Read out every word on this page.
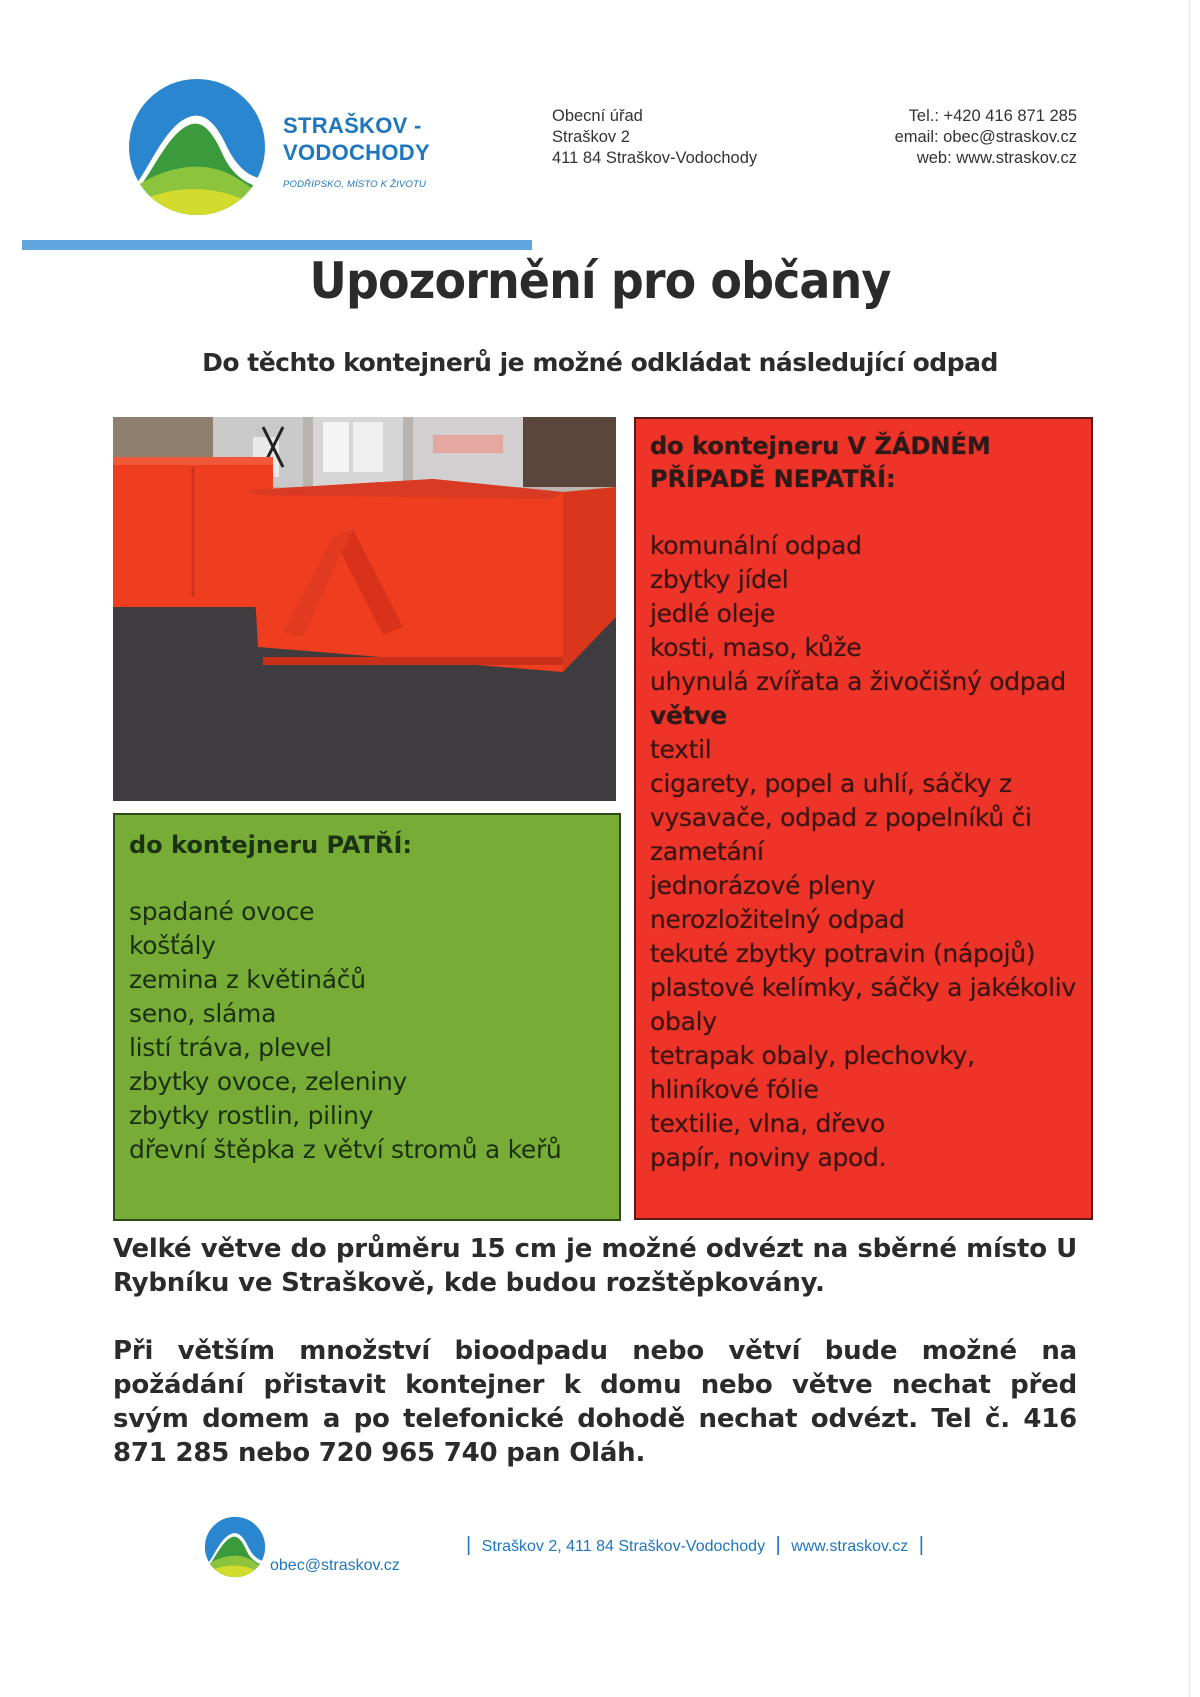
STRAŠKOV -
VODOCHODY
PODŘIPSKO, MÍSTO K ŽIVOTU
Obecní úřad
Straškov 2
411 84 Straškov-Vodochody
Tel.: +420 416 871 285
email: obec@straskov.cz
web: www.straskov.cz
Upozornění pro občany
Do těchto kontejnerů je možné odkládat následující odpad
do kontejneru PATŘÍ:
spadané ovoce
košťály
zemina z květináčů
seno, sláma
listí tráva, plevel
zbytky ovoce, zeleniny
zbytky rostlin, piliny
dřevní štěpka z větví stromů a keřů
do kontejneru V ŽÁDNÉM
PŘÍPADĚ NEPATŘÍ:
komunální odpad
zbytky jídel
jedlé oleje
kosti, maso, kůže
uhynulá zvířata a živočišný odpad
větve
textil
cigarety, popel a uhlí, sáčky z
vysavače, odpad z popelníků či
zametání
jednorázové pleny
nerozložitelný odpad
tekuté zbytky potravin (nápojů)
plastové kelímky, sáčky a jakékoliv
obaly
tetrapak obaly, plechovky,
hliníkové fólie
textilie, vlna, dřevo
papír, noviny apod.
Velké větve do průměru 15 cm je možné odvézt na sběrné místo U Rybníku ve Straškově, kde budou rozštěpkovány.
Při větším množství bioodpadu nebo větví bude možné na požádání přistavit kontejner k domu nebo větve nechat před svým domem a po telefonické dohodě nechat odvézt. Tel č. 416 871 285 nebo 720 965 740 pan Oláh.
obec@straskov.cz
| Straškov 2, 411 84 Straškov-Vodochody | www.straskov.cz |
